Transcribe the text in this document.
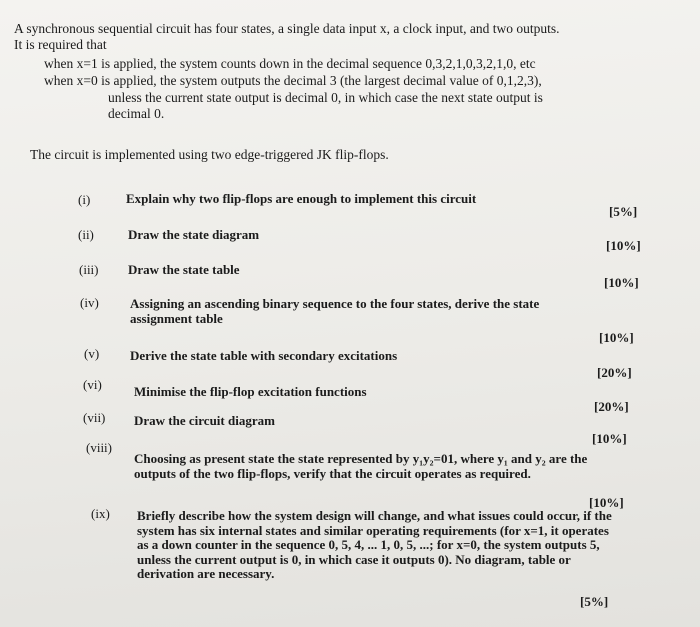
A synchronous sequential circuit has four states, a single data input x, a clock input, and two outputs.
It is required that
when x=1 is applied, the system counts down in the decimal sequence 0,3,2,1,0,3,2,1,0, etc
when x=0 is applied, the system outputs the decimal 3 (the largest decimal value of 0,1,2,3),
unless the current state output is decimal 0, in which case the next state output is
decimal 0.
The circuit is implemented using two edge-triggered JK flip-flops.
(i)	Explain why two flip-flops are enough to implement this circuit
[5%]
(ii)	Draw the state diagram
[10%]
(iii) Draw the state table
[10%]
(iv) Assigning an ascending binary sequence to the four states, derive the state assignment table
[10%]
(v) Derive the state table with secondary excitations
[20%]
(vi) Minimise the flip-flop excitation functions
[20%]
(vii) Draw the circuit diagram
[10%]
(viii)
Choosing as present state the state represented by y₁y₂=01, where y₁ and y₂ are the outputs of the two flip-flops, verify that the circuit operates as required.
[10%]
(ix) Briefly describe how the system design will change, and what issues could occur, if the system has six internal states and similar operating requirements (for x=1, it operates as a down counter in the sequence 0, 5, 4, ... 1, 0, 5, ...; for x=0, the system outputs 5, unless the current output is 0, in which case it outputs 0). No diagram, table or derivation are necessary.
[5%]
